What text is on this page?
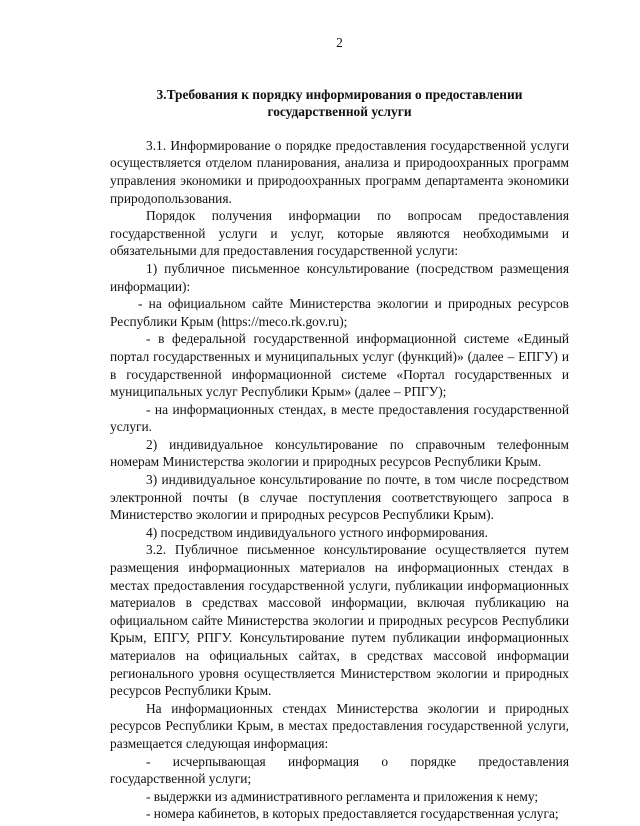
2
3.Требования к порядку информирования о предоставлении государственной услуги

3.1. Информирование о порядке предоставления государственной услуги осуществляется отделом планирования, анализа и природоохранных программ управления экономики и природоохранных программ департамента экономики природопользования.

Порядок получения информации по вопросам предоставления государственной услуги и услуг, которые являются необходимыми и обязательными для предоставления государственной услуги:

1) публичное письменное консультирование (посредством размещения информации):

- на официальном сайте Министерства экологии и природных ресурсов Республики Крым (https://meco.rk.gov.ru);

- в федеральной государственной информационной системе «Единый портал государственных и муниципальных услуг (функций)» (далее – ЕПГУ) и в государственной информационной системе «Портал государственных и муниципальных услуг Республики Крым» (далее – РПГУ);

- на информационных стендах, в месте предоставления государственной услуги.

2) индивидуальное консультирование по справочным телефонным номерам Министерства экологии и природных ресурсов Республики Крым.

3) индивидуальное консультирование по почте, в том числе посредством электронной почты (в случае поступления соответствующего запроса в Министерство экологии и природных ресурсов Республики Крым).

4) посредством индивидуального устного информирования.

3.2. Публичное письменное консультирование осуществляется путем размещения информационных материалов на информационных стендах в местах предоставления государственной услуги, публикации информационных материалов в средствах массовой информации, включая публикацию на официальном сайте Министерства экологии и природных ресурсов Республики Крым, ЕПГУ, РПГУ. Консультирование путем публикации информационных материалов на официальных сайтах, в средствах массовой информации регионального уровня осуществляется Министерством экологии и природных ресурсов Республики Крым.

На информационных стендах Министерства экологии и природных ресурсов Республики Крым, в местах предоставления государственной услуги, размещается следующая информация:

- исчерпывающая информация о порядке предоставления государственной услуги;

- выдержки из административного регламента и приложения к нему;

- номера кабинетов, в которых предоставляется государственная услуга;
